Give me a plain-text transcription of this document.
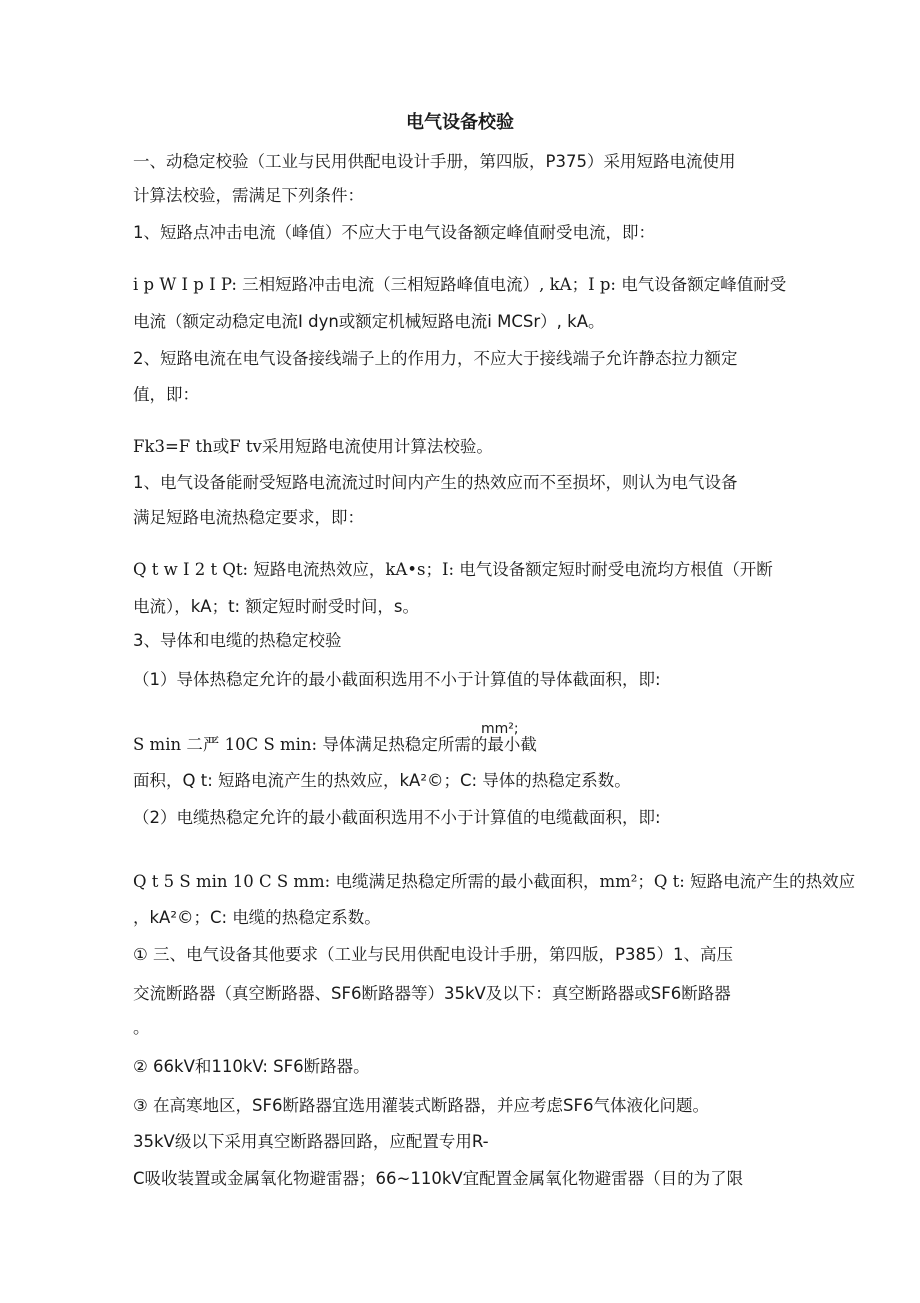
电气设备校验

一、动稳定校验（工业与民用供配电设计手册，第四版，P375）采用短路电流使用

计算法校验，需满足下列条件：

1、短路点冲击电流（峰值）不应大于电气设备额定峰值耐受电流，即：

i p W I p I P: 三相短路冲击电流（三相短路峰值电流）, kA；I p: 电气设备额定峰值耐受

电流（额定动稳定电流I dyn或额定机械短路电流i MCSr）, kA。

2、短路电流在电气设备接线端子上的作用力，不应大于接线端子允许静态拉力额定

值，即：

Fk3=F th或F tv采用短路电流使用计算法校验。

1、电气设备能耐受短路电流流过时间内产生的热效应而不至损坏，则认为电气设备

满足短路电流热稳定要求，即：

Q t w I 2 t Qt: 短路电流热效应，kA•s；I: 电气设备额定短时耐受电流均方根值（开断

电流），kA；t: 额定短时耐受时间，s。

3、导体和电缆的热稳定校验

（1）导体热稳定允许的最小截面积选用不小于计算值的导体截面积，即:

S min 二严 10C S min: 导体满足热稳定所需的最小截

mm²;

面积，Q t: 短路电流产生的热效应，kA²©；C: 导体的热稳定系数。

（2）电缆热稳定允许的最小截面积选用不小于计算值的电缆截面积，即:

Q t 5 S min 10 C S mm: 电缆满足热稳定所需的最小截面积，mm²；Q t: 短路电流产生的热效应

，kA²©；C: 电缆的热稳定系数。

① 三、电气设备其他要求（工业与民用供配电设计手册，第四版，P385）1、高压

交流断路器（真空断路器、SF6断路器等）35kV及以下：真空断路器或SF6断路器

。

② 66kV和110kV: SF6断路器。

③ 在高寒地区，SF6断路器宜选用灌装式断路器，并应考虑SF6气体液化问题。

35kV级以下采用真空断路器回路，应配置专用R-

C吸收装置或金属氧化物避雷器；66~110kV宜配置金属氧化物避雷器（目的为了限
